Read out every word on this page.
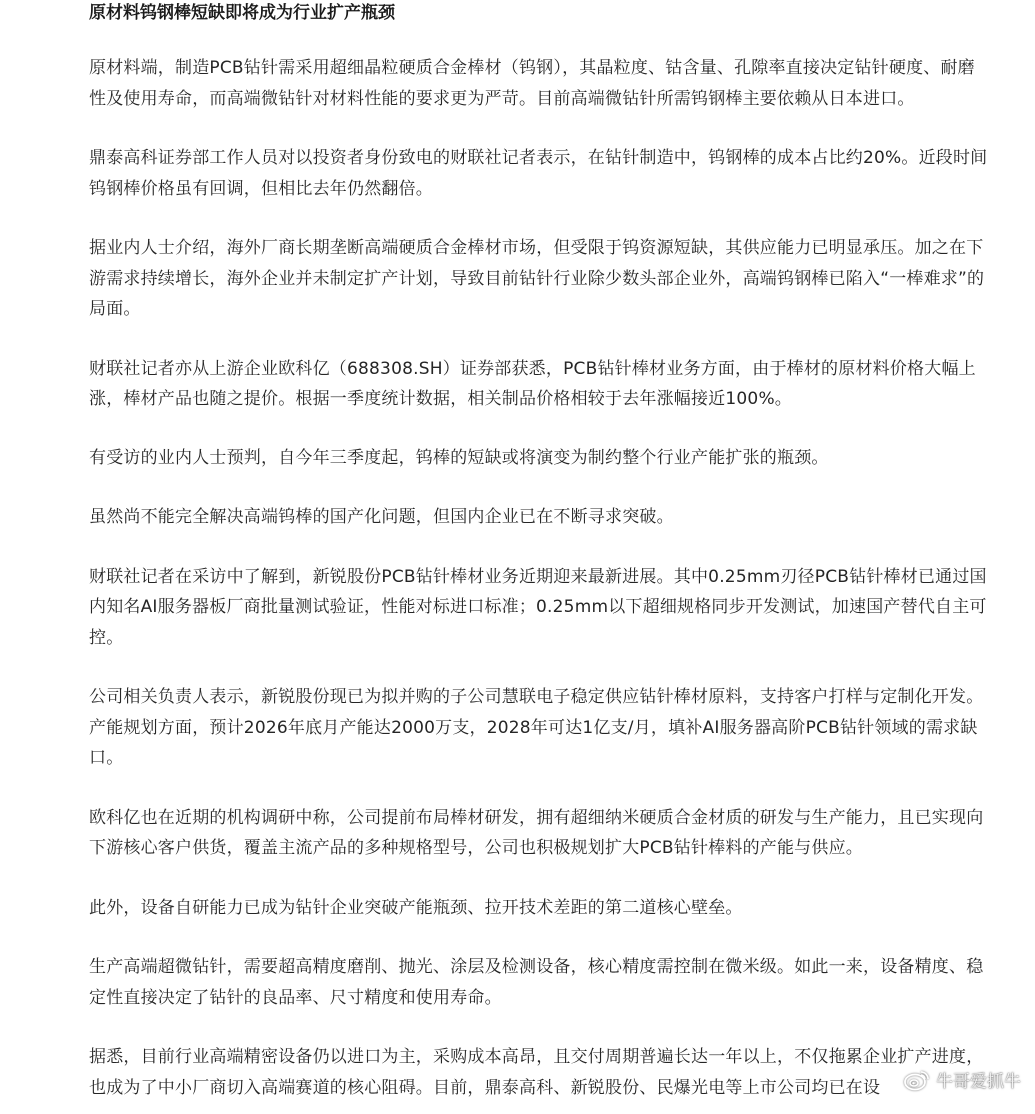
原材料钨钢棒短缺即将成为行业扩产瓶颈

原材料端，制造PCB钻针需采用超细晶粒硬质合金棒材（钨钢），其晶粒度、钴含量、孔隙率直接决定钻针硬度、耐磨性及使用寿命，而高端微钻针对材料性能的要求更为严苛。目前高端微钻针所需钨钢棒主要依赖从日本进口。

鼎泰高科证券部工作人员对以投资者身份致电的财联社记者表示，在钻针制造中，钨钢棒的成本占比约20%。近段时间钨钢棒价格虽有回调，但相比去年仍然翻倍。

据业内人士介绍，海外厂商长期垄断高端硬质合金棒材市场，但受限于钨资源短缺，其供应能力已明显承压。加之在下游需求持续增长，海外企业并未制定扩产计划，导致目前钻针行业除少数头部企业外，高端钨钢棒已陷入“一棒难求”的局面。

财联社记者亦从上游企业欧科亿（688308.SH）证券部获悉，PCB钻针棒材业务方面，由于棒材的原材料价格大幅上涨，棒材产品也随之提价。根据一季度统计数据，相关制品价格相较于去年涨幅接近100%。

有受访的业内人士预判，自今年三季度起，钨棒的短缺或将演变为制约整个行业产能扩张的瓶颈。

虽然尚不能完全解决高端钨棒的国产化问题，但国内企业已在不断寻求突破。

财联社记者在采访中了解到，新锐股份PCB钻针棒材业务近期迎来最新进展。其中0.25mm刃径PCB钻针棒材已通过国内知名AI服务器板厂商批量测试验证，性能对标进口标准；0.25mm以下超细规格同步开发测试，加速国产替代自主可控。

公司相关负责人表示，新锐股份现已为拟并购的子公司慧联电子稳定供应钻针棒材原料，支持客户打样与定制化开发。产能规划方面，预计2026年底月产能达2000万支，2028年可达1亿支/月，填补AI服务器高阶PCB钻针领域的需求缺口。

欧科亿也在近期的机构调研中称，公司提前布局棒材研发，拥有超细纳米硬质合金材质的研发与生产能力，且已实现向下游核心客户供货，覆盖主流产品的多种规格型号，公司也积极规划扩大PCB钻针棒料的产能与供应。

此外，设备自研能力已成为钻针企业突破产能瓶颈、拉开技术差距的第二道核心壁垒。

生产高端超微钻针，需要超高精度磨削、抛光、涂层及检测设备，核心精度需控制在微米级。如此一来，设备精度、稳定性直接决定了钻针的良品率、尺寸精度和使用寿命。

据悉，目前行业高端精密设备仍以进口为主，采购成本高昂，且交付周期普遍长达一年以上，不仅拖累企业扩产进度，也成为了中小厂商切入高端赛道的核心阻碍。目前，鼎泰高科、新锐股份、民爆光电等上市公司均已在设	牛哥爱抓牛
